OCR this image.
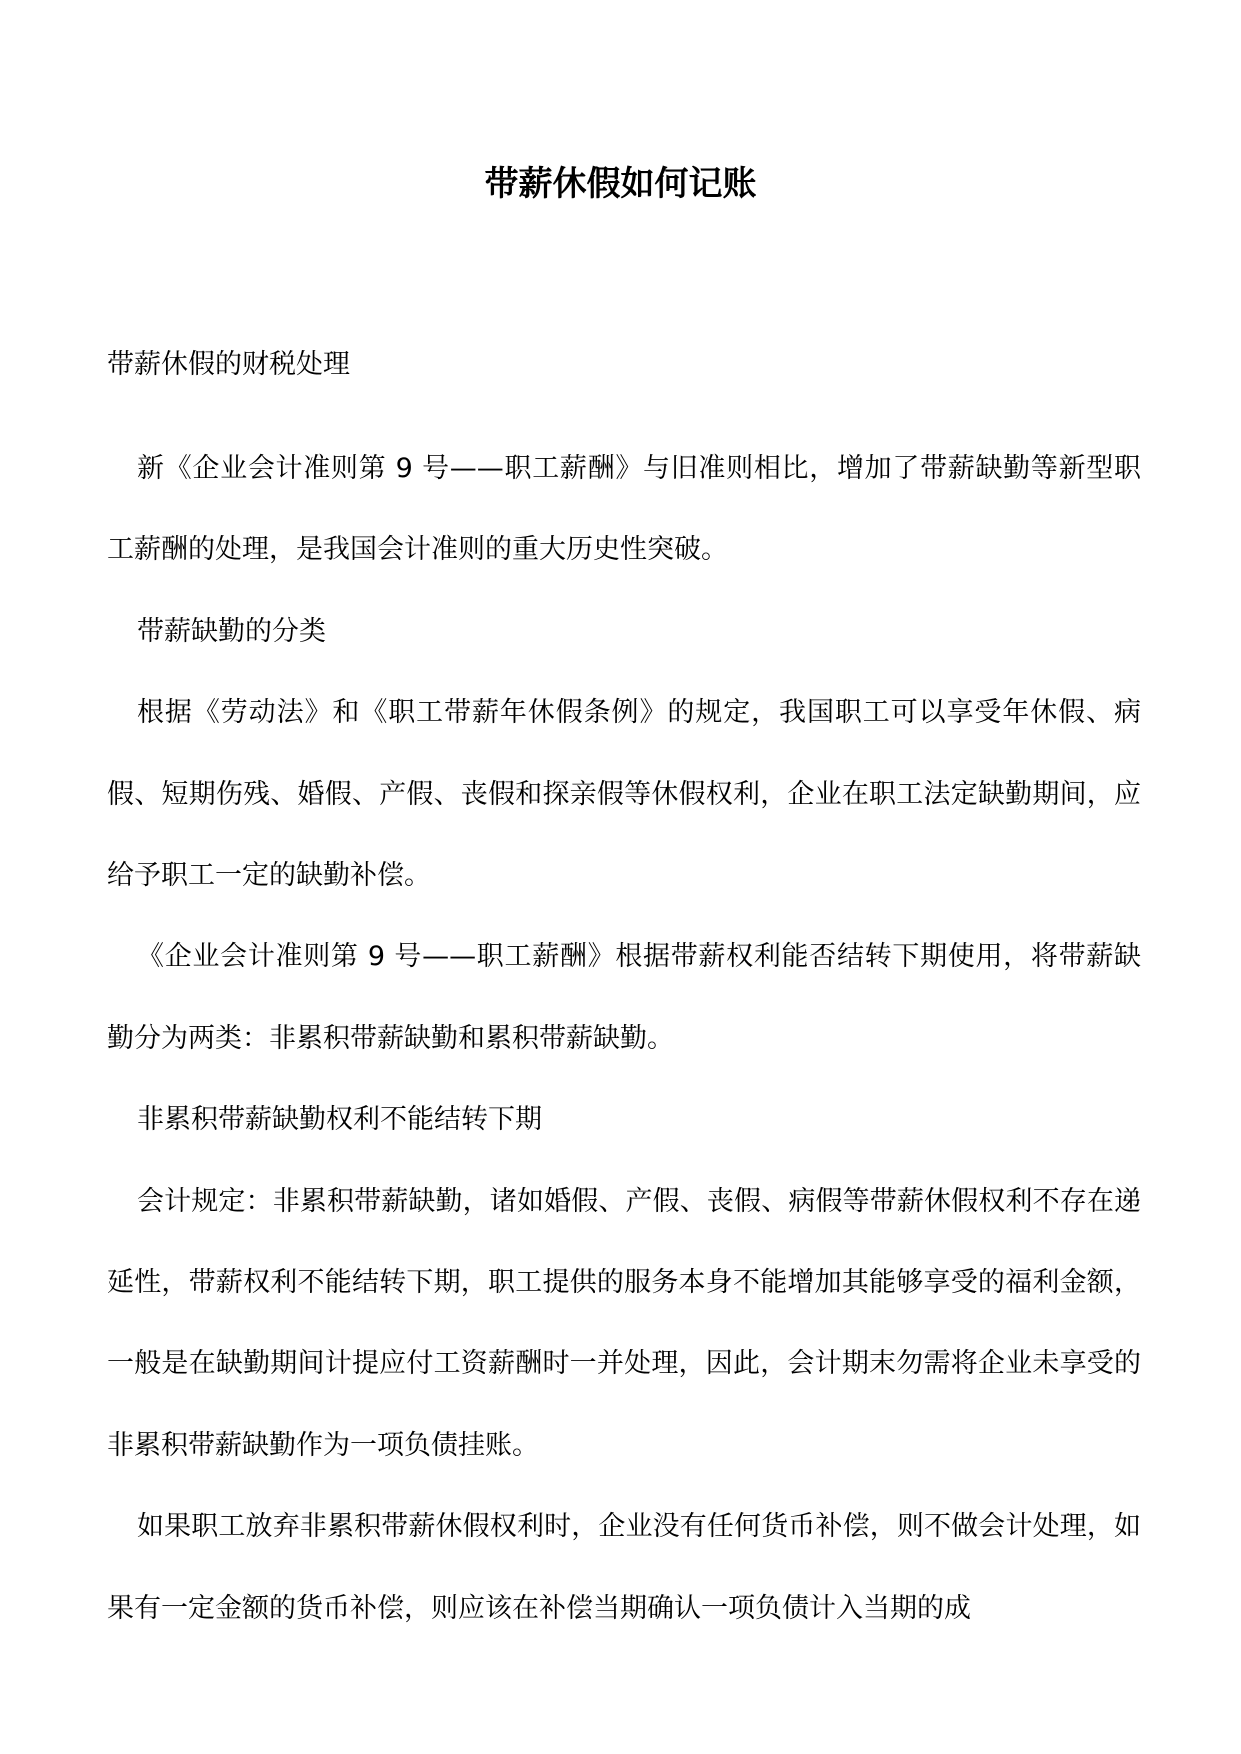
带薪休假如何记账
带薪休假的财税处理

新《企业会计准则第 9 号——职工薪酬》与旧准则相比，增加了带薪缺勤等新型职工薪酬的处理，是我国会计准则的重大历史性突破。

带薪缺勤的分类

根据《劳动法》和《职工带薪年休假条例》的规定，我国职工可以享受年休假、病假、短期伤残、婚假、产假、丧假和探亲假等休假权利，企业在职工法定缺勤期间，应给予职工一定的缺勤补偿。

《企业会计准则第 9 号——职工薪酬》根据带薪权利能否结转下期使用，将带薪缺勤分为两类：非累积带薪缺勤和累积带薪缺勤。

非累积带薪缺勤权利不能结转下期

会计规定：非累积带薪缺勤，诸如婚假、产假、丧假、病假等带薪休假权利不存在递延性，带薪权利不能结转下期，职工提供的服务本身不能增加其能够享受的福利金额，一般是在缺勤期间计提应付工资薪酬时一并处理，因此，会计期末勿需将企业未享受的非累积带薪缺勤作为一项负债挂账。

如果职工放弃非累积带薪休假权利时，企业没有任何货币补偿，则不做会计处理，如果有一定金额的货币补偿，则应该在补偿当期确认一项负债计入当期的成
